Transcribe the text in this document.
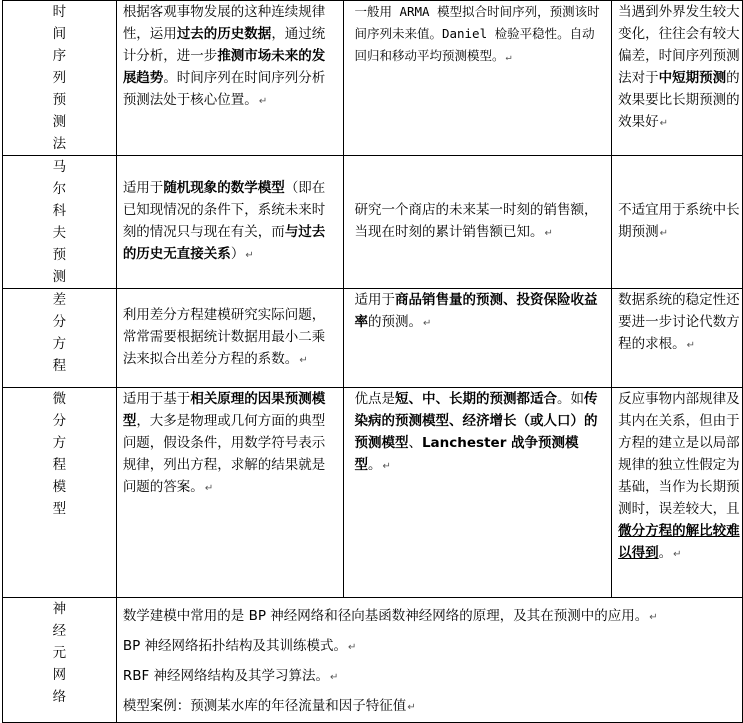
时间序列预测法	根据客观事物发展的这种连续规律性，运用过去的历史数据，通过统计分析，进一步推测市场未来的发展趋势。时间序列在时间序列分析预测法处于核心位置。↵	一般用 ARMA 模型拟合时间序列，预测该时间序列未来值。Daniel 检验平稳性。自动回归和移动平均预测模型。↵	当遇到外界发生较大变化，往往会有较大偏差，时间序列预测法对于中短期预测的效果要比长期预测的效果好↵

马尔科夫预测	适用于随机现象的数学模型（即在已知现情况的条件下，系统未来时刻的情况只与现在有关，而与过去的历史无直接关系）↵	研究一个商店的未来某一时刻的销售额，当现在时刻的累计销售额已知。↵	不适宜用于系统中长期预测↵

差分方程	利用差分方程建模研究实际问题，常常需要根据统计数据用最小二乘法来拟合出差分方程的系数。↵	适用于商品销售量的预测、投资保险收益率的预测。↵	数据系统的稳定性还要进一步讨论代数方程的求根。↵

微分方程模型	适用于基于相关原理的因果预测模型，大多是物理或几何方面的典型问题，假设条件，用数学符号表示规律，列出方程，求解的结果就是问题的答案。↵	优点是短、中、长期的预测都适合。如传染病的预测模型、经济增长（或人口）的预测模型、Lanchester 战争预测模型。↵	反应事物内部规律及其内在关系，但由于方程的建立是以局部规律的独立性假定为基础，当作为长期预测时，误差较大，且微分方程的解比较难以得到。↵

神经元网络	数学建模中常用的是 BP 神经网络和径向基函数神经网络的原理，及其在预测中的应用。↵
BP 神经网络拓扑结构及其训练模式。↵
RBF 神经网络结构及其学习算法。↵
模型案例：预测某水库的年径流量和因子特征值↵		
